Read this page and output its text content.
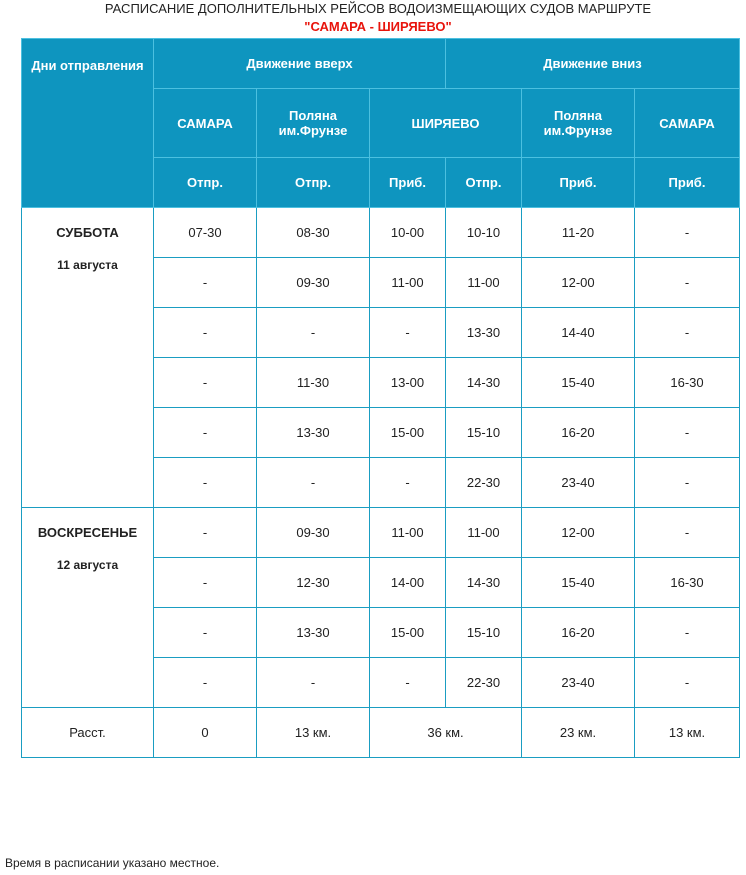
РАСПИСАНИЕ ДОПОЛНИТЕЛЬНЫХ РЕЙСОВ ВОДОИЗМЕЩАЮЩИХ СУДОВ МАРШРУТЕ
"САМАРА - ШИРЯЕВО"
Дни отправления	Движение вверх			Движение вниз		
	САМАРА	Поляна им.Фрунзе	ШИРЯЕВО		Поляна им.Фрунзе	САМАРА
	Отпр.	Отпр.	Приб.	Отпр.	Приб.	Приб.

СУББОТА
11 августа	07-30	08-30	10-00	10-10	11-20	-
	-	09-30	11-00	11-00	12-00	-
	-	-	-	13-30	14-40	-
	-	11-30	13-00	14-30	15-40	16-30
	-	13-30	15-00	15-10	16-20	-
	-	-	-	22-30	23-40	-

ВОСКРЕСЕНЬЕ
12 августа	-	09-30	11-00	11-00	12-00	-
	-	12-30	14-00	14-30	15-40	16-30
	-	13-30	15-00	15-10	16-20	-
	-	-	-	22-30	23-40	-
Расст.	0	13 км.	36 км.		23 км.	13 км.
Время в расписании указано местное.
